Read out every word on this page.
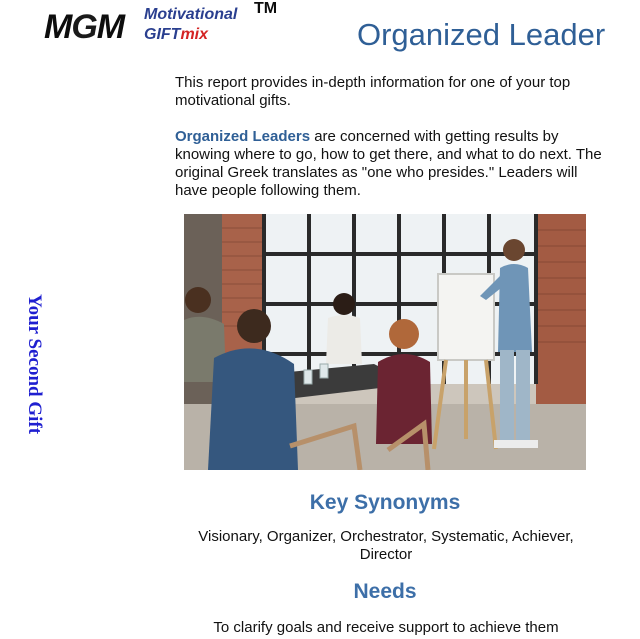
MGM Motivational TM
GIFTmix	Organized Leader
Your Second Gift

This report provides in-depth information for one of your top motivational gifts.

Organized Leaders are concerned with getting results by knowing where to go, how to get there, and what to do next. The original Greek translates as "one who presides." Leaders will have people following them.

Key Synonyms

Visionary, Organizer, Orchestrator, Systematic, Achiever, Director

Needs

To clarify goals and receive support to achieve them
